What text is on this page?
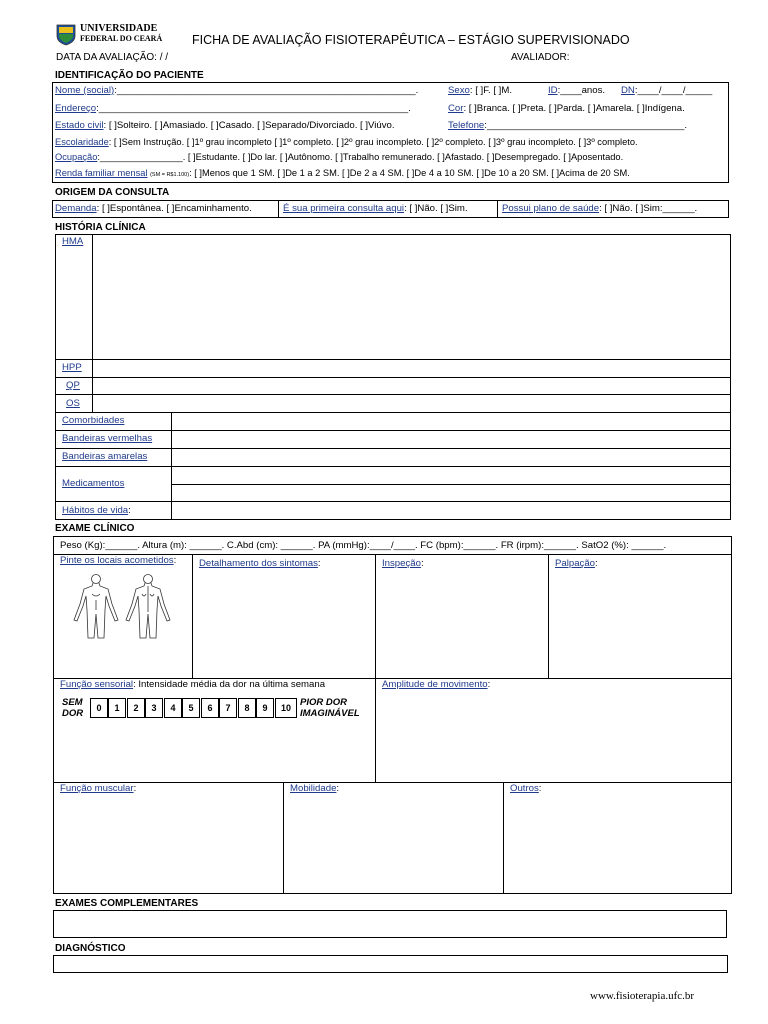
UNIVERSIDADE
FEDERAL DO CEARÁ FICHA DE AVALIAÇÃO FISIOTERAPÊUTICA – ESTÁGIO SUPERVISIONADO
DATA DA AVALIAÇÃO: / /	AVALIADOR:
IDENTIFICAÇÃO DO PACIENTE
Nome (social):________________________________________________________.	Sexo: [ ]F. [ ]M.	ID:____anos. DN:____/____/_____
Endereço:__________________________________________________________.	Cor: [ ]Branca. [ ]Preta. [ ]Parda. [ ]Amarela. [ ]Indígena.
Estado civil: [ ]Solteiro. [ ]Amasiado. [ ]Casado. [ ]Separado/Divorciado. [ ]Viúvo.	Telefone:_____________________________________.
Escolaridade: [ ]Sem Instrução. [ ]1º grau incompleto [ ]1º completo. [ ]2º grau incompleto. [ ]2º completo. [ ]3º grau incompleto. [ ]3º completo.
Ocupação:________________. [ ]Estudante. [ ]Do lar. [ ]Autônomo. [ ]Trabalho remunerado. [ ]Afastado. [ ]Desempregado. [ ]Aposentado.
Renda familiar mensal (SM = R$1.100): [ ]Menos que 1 SM. [ ]De 1 a 2 SM. [ ]De 2 a 4 SM. [ ]De 4 a 10 SM. [ ]De 10 a 20 SM. [ ]Acima de 20 SM.
ORIGEM DA CONSULTA
Demanda: [ ]Espontânea. [ ]Encaminhamento.	É sua primeira consulta aqui: [ ]Não. [ ]Sim.	Possui plano de saúde: [ ]Não. [ ]Sim:______.
HISTÓRIA CLÍNICA
HMA
HPP
QP
OS
Comorbidades
Bandeiras vermelhas
Bandeiras amarelas
Medicamentos
Hábitos de vida:
EXAME CLÍNICO
Peso (Kg):______. Altura (m): ______. C.Abd (cm): ______. PA (mmHg):____/____. FC (bpm):______. FR (irpm):______. SatO2 (%): ______.
Pinte os locais acometidos: Detalhamento dos sintomas:	Inspeção:	Palpação:
Função sensorial: Intensidade média da dor na última semana	Amplitude de movimento:
SEM
DOR	0	1	2	3	4	5	6	7	8	9	10 PIOR DOR
IMAGINÁVEL
Função muscular:	Mobilidade:	Outros:
EXAMES COMPLEMENTARES
DIAGNÓSTICO
www.fisioterapia.ufc.br
